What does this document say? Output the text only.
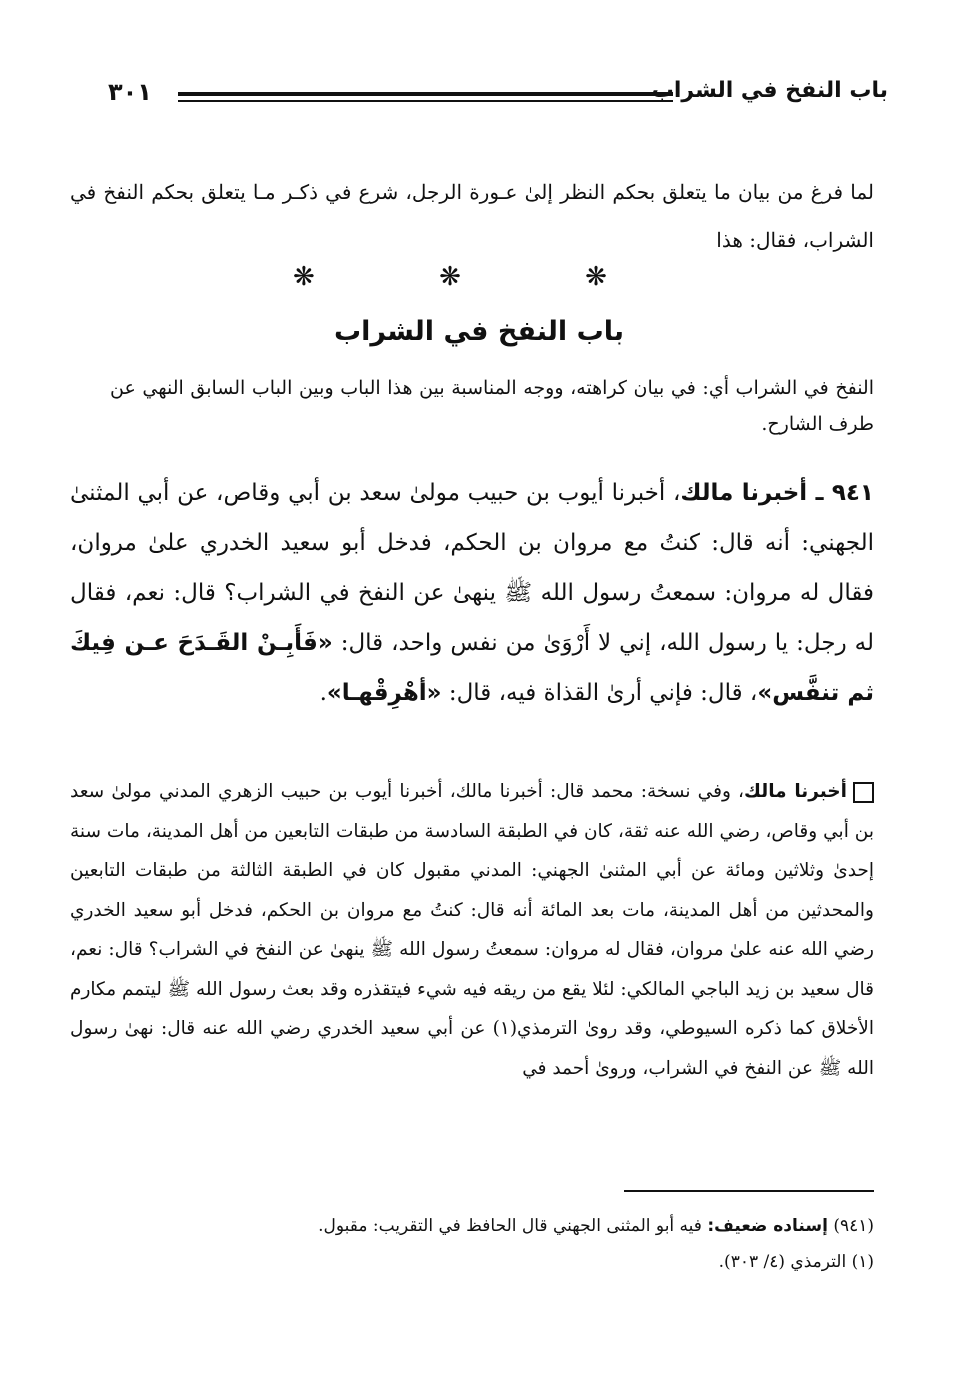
باب النفخ في الشراب
٣٠١

لما فرغ من بيان ما يتعلق بحكم النظر إلىٰ عـورة الرجل، شرع في ذكـر مـا يتعلق بحكم النفخ في الشراب، فقال: هذا

❋ ❋ ❋
باب النفخ في الشراب

النفخ في الشراب أي: في بيان كراهته، ووجه المناسبة بين هذا الباب وبين الباب السابق النهي عن طرف الشارح.

٩٤١ ـ أخبرنا مالك، أخبرنا أيوب بن حبيب مولىٰ سعد بن أبي وقاص، عن أبي المثنىٰ الجهني: أنه قال: كنتُ مع مروان بن الحكم، فدخل أبو سعيد الخدري علىٰ مروان، فقال له مروان: سمعتُ رسول الله ﷺ ينهىٰ عن النفخ في الشراب؟ قال: نعم، فقال له رجل: يا رسول الله، إني لا أَرْوَىٰ من نفس واحد، قال: «فَأَبِـنْ القَـدَحَ عـن فِيكَ ثم تنفَّس»، قال: فإني أرىٰ القذاة فيه، قال: «أهْرِقْهـا».

أخبرنا مالك، وفي نسخة: محمد قال: أخبرنا مالك، أخبرنا أيوب بن حبيب الزهري المدني مولىٰ سعد بن أبي وقاص، رضي الله عنه ثقة، كان في الطبقة السادسة من طبقات التابعين من أهل المدينة، مات سنة إحدىٰ وثلاثين ومائة عن أبي المثنىٰ الجهني: المدني مقبول كان في الطبقة الثالثة من طبقات التابعين والمحدثين من أهل المدينة، مات بعد المائة أنه قال: كنتُ مع مروان بن الحكم، فدخل أبو سعيد الخدري رضي الله عنه علىٰ مروان، فقال له مروان: سمعتُ رسول الله ﷺ ينهىٰ عن النفخ في الشراب؟ قال: نعم، قال سعيد بن زيد الباجي المالكي: لئلا يقع من ريقه فيه شيء فيتقذره وقد بعث رسول الله ﷺ ليتمم مكارم الأخلاق كما ذكره السيوطي، وقد روىٰ الترمذي(١) عن أبي سعيد الخدري رضي الله عنه قال: نهىٰ رسول الله ﷺ عن النفخ في الشراب، وروىٰ أحمد في

(٩٤١) إسناده ضعيف: فيه أبو المثنى الجهني قال الحافظ في التقريب: مقبول.
(١) الترمذي (٤/ ٣٠٣).
